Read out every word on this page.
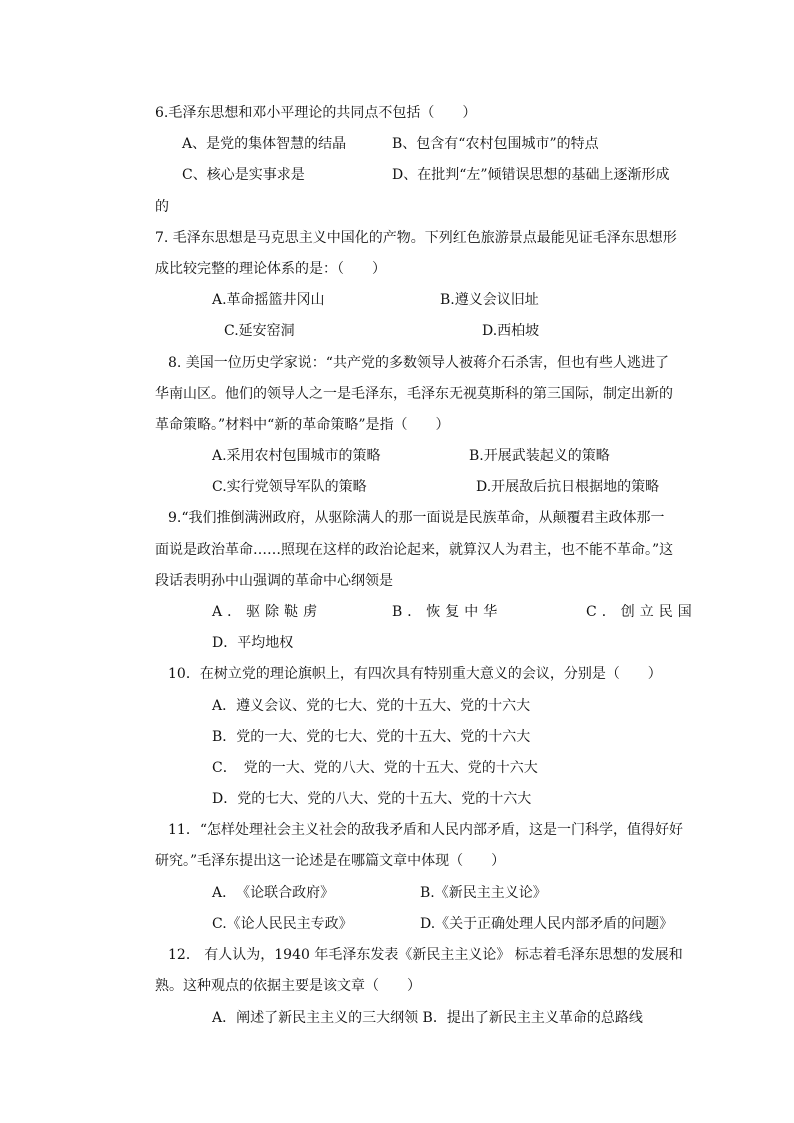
6.毛泽东思想和邓小平理论的共同点不包括（　　）
A、是党的集体智慧的结晶	B、包含有“农村包围城市”的特点
C、核心是实事求是	D、在批判“左”倾错误思想的基础上逐渐形成
的
7. 毛泽东思想是马克思主义中国化的产物。下列红色旅游景点最能见证毛泽东思想形
成比较完整的理论体系的是：（　　）
A.革命摇篮井冈山	B.遵义会议旧址
C.延安窑洞	D.西柏坡
8. 美国一位历史学家说：“共产党的多数领导人被蒋介石杀害，但也有些人逃进了
华南山区。他们的领导人之一是毛泽东，毛泽东无视莫斯科的第三国际，制定出新的
革命策略。”材料中“新的革命策略”是指（　　）
A.采用农村包围城市的策略	B.开展武装起义的策略
C.实行党领导军队的策略	D.开展敌后抗日根据地的策略
9.“我们推倒满洲政府，从驱除满人的那一面说是民族革命，从颠覆君主政体那一
面说是政治革命……照现在这样的政治论起来，就算汉人为君主，也不能不革命。”这
段话表明孙中山强调的革命中心纲领是
A．驱除鞑虏	B．恢复中华	C．创立民国
D．平均地权
10．在树立党的理论旗帜上，有四次具有特别重大意义的会议，分别是（　　）
A．遵义会议、党的七大、党的十五大、党的十六大
B．党的一大、党的七大、党的十五大、党的十六大
C．　党的一大、党的八大、党的十五大、党的十六大
D．党的七大、党的八大、党的十五大、党的十六大
11．“怎样处理社会主义社会的敌我矛盾和人民内部矛盾，这是一门科学，值得好好
研究。”毛泽东提出这一论述是在哪篇文章中体现（　　）
A．　《论联合政府》	B.《新民主主义论》
C.《论人民民主专政》	D.《关于正确处理人民内部矛盾的问题》
12． 有人认为，1940 年毛泽东发表《新民主主义论》 标志着毛泽东思想的发展和
熟。这种观点的依据主要是该文章（　　）
A．阐述了新民主主义的三大纲领 B．提出了新民主主义革命的总路线
